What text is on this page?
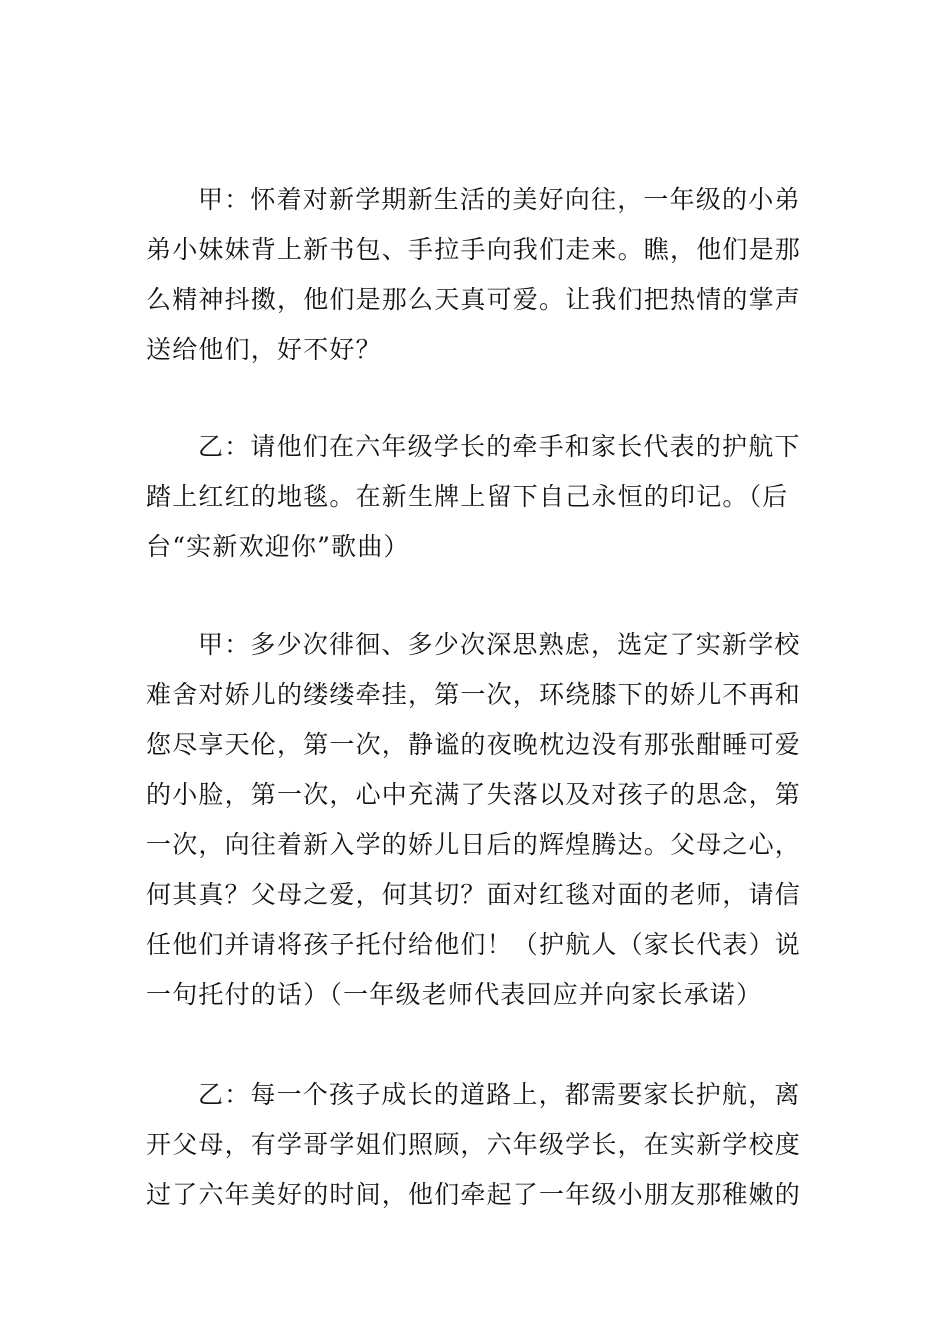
甲：怀着对新学期新生活的美好向往，一年级的小弟
弟小妹妹背上新书包、手拉手向我们走来。瞧，他们是那
么精神抖擞，他们是那么天真可爱。让我们把热情的掌声
送给他们，好不好？

乙：请他们在六年级学长的牵手和家长代表的护航下
踏上红红的地毯。在新生牌上留下自己永恒的印记。（后
台“实新欢迎你”歌曲）

甲：多少次徘徊、多少次深思熟虑，选定了实新学校
难舍对娇儿的缕缕牵挂，第一次，环绕膝下的娇儿不再和
您尽享天伦，第一次，静谧的夜晚枕边没有那张酣睡可爱
的小脸，第一次，心中充满了失落以及对孩子的思念，第
一次，向往着新入学的娇儿日后的辉煌腾达。父母之心，
何其真？父母之爱，何其切？面对红毯对面的老师，请信
任他们并请将孩子托付给他们！（护航人（家长代表）说
一句托付的话）（一年级老师代表回应并向家长承诺）

乙：每一个孩子成长的道路上，都需要家长护航，离
开父母，有学哥学姐们照顾，六年级学长，在实新学校度
过了六年美好的时间，他们牵起了一年级小朋友那稚嫩的
